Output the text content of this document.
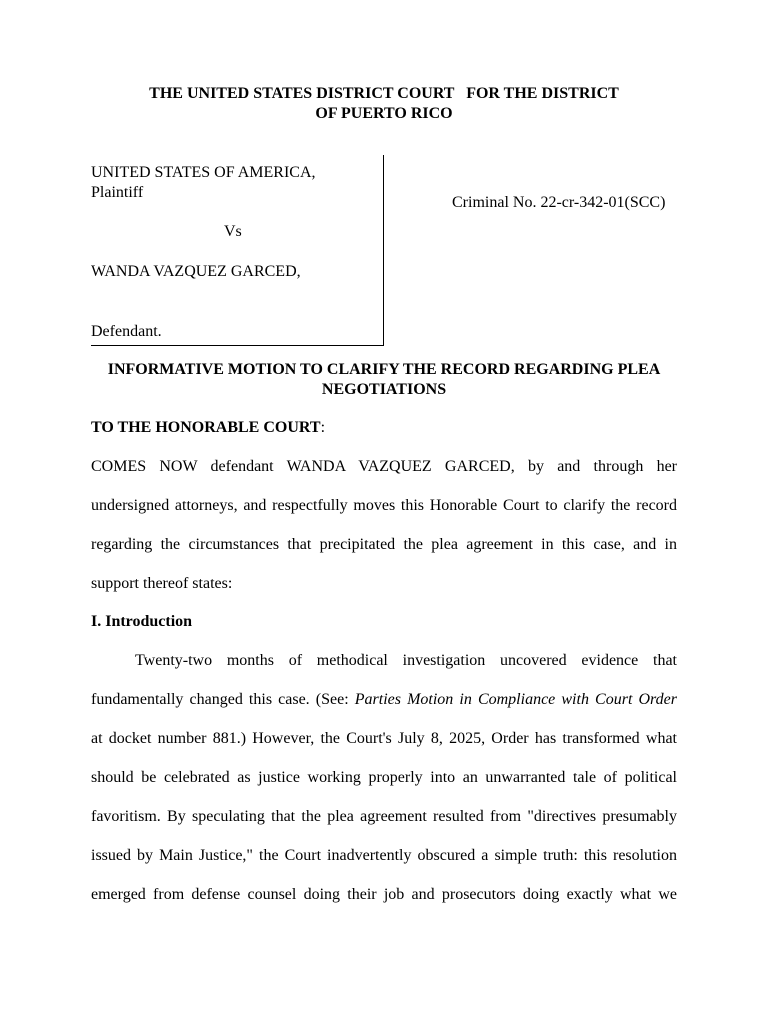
THE UNITED STATES DISTRICT COURT   FOR THE DISTRICT
OF PUERTO RICO
UNITED STATES OF AMERICA,
Plaintiff
Vs
WANDA VAZQUEZ GARCED,
Defendant.
Criminal No. 22-cr-342-01(SCC)
INFORMATIVE MOTION TO CLARIFY THE RECORD REGARDING PLEA
NEGOTIATIONS
TO THE HONORABLE COURT:
COMES NOW defendant WANDA VAZQUEZ GARCED, by and through her
undersigned attorneys, and respectfully moves this Honorable Court to clarify the record
regarding the circumstances that precipitated the plea agreement in this case, and in
support thereof states:
I. Introduction
Twenty-two months of methodical investigation uncovered evidence that
fundamentally changed this case. (See: Parties Motion in Compliance with Court Order
at docket number 881.) However, the Court's July 8, 2025, Order has transformed what
should be celebrated as justice working properly into an unwarranted tale of political
favoritism. By speculating that the plea agreement resulted from "directives presumably
issued by Main Justice," the Court inadvertently obscured a simple truth: this resolution
emerged from defense counsel doing their job and prosecutors doing exactly what we
